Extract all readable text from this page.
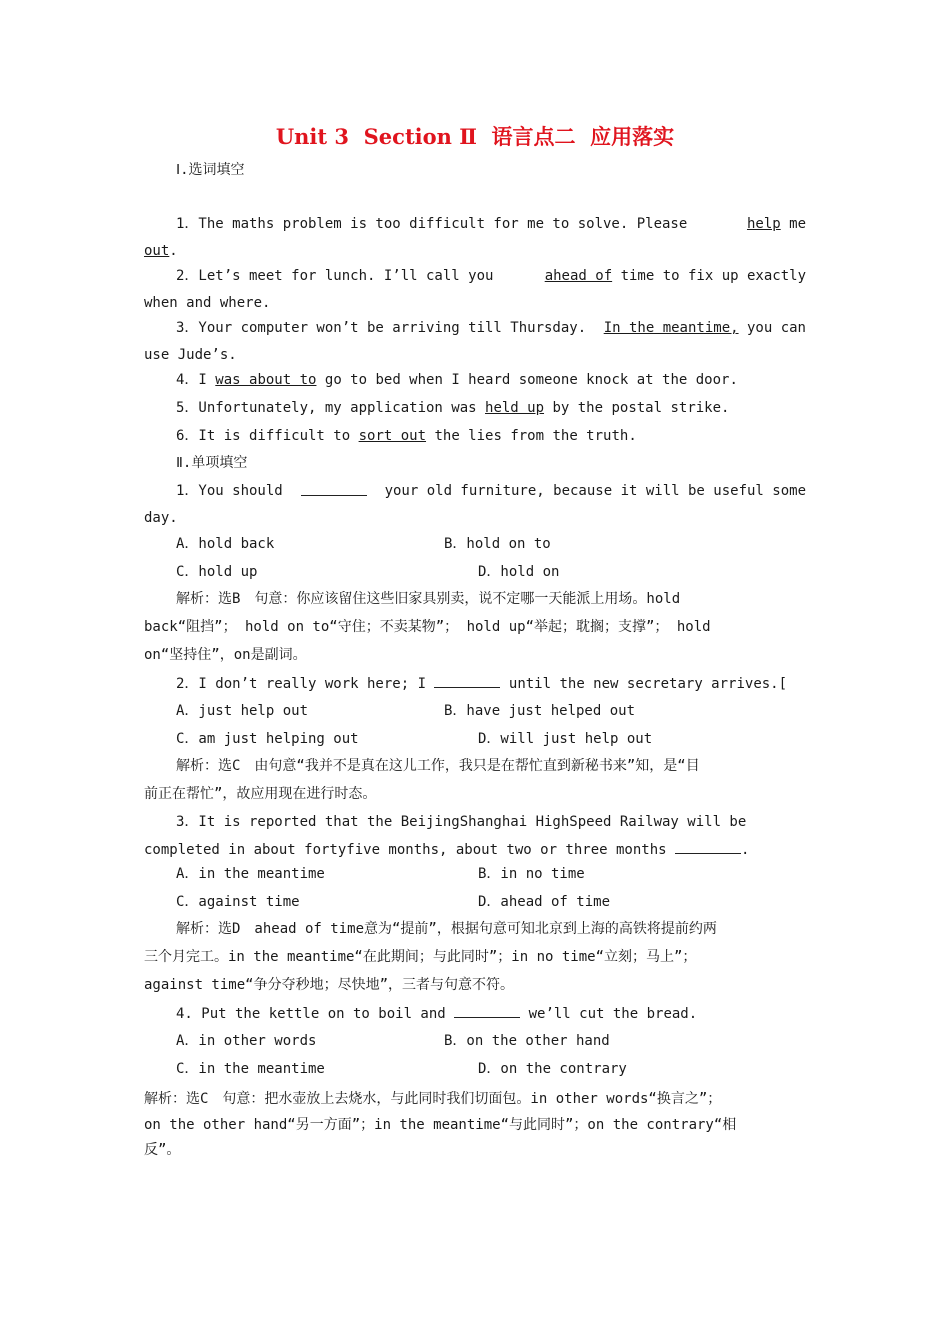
Unit 3  Section Ⅱ  语言点二  应用落实
Ⅰ.选词填空
1．The maths problem is too difficult for me to solve. Please	help me
out.
2．Let’s meet for lunch. I’ll call you	ahead of time to fix up exactly
when and where.
3．Your computer won’t be arriving till Thursday. In the meantime, you can
use Jude’s.
4．I was about to go to bed when I heard someone knock at the door.
5．Unfortunately, my application was held up by the postal strike.
6．It is difficult to sort out the lies from the truth.
Ⅱ.单项填空
1．You should	your old furniture, because it will be useful some
day.
A．hold back	B．hold on to
C．hold up	D．hold on
解析：选B　句意：你应该留住这些旧家具别卖，说不定哪一天能派上用场。hold
back“阻挡”； hold on to“守住；不卖某物”； hold up“举起；耽搁；支撑”； hold
on“坚持住”，on是副词。
2．I don’t really work here; I	until the new secretary arrives.[
A．just help out	B．have just helped out
C．am just helping out	D．will just help out
解析：选C　由句意“我并不是真在这儿工作，我只是在帮忙直到新秘书来”知，是“目
前正在帮忙”，故应用现在进行时态。
3．It is reported that the BeijingShanghai HighSpeed Railway will be
completed in about fortyfive months, about two or three months	.
A．in the meantime	B．in no time
C．against time	D．ahead of time
解析：选D　ahead of time意为“提前”，根据句意可知北京到上海的高铁将提前约两
三个月完工。in the meantime“在此期间；与此同时”；in no time“立刻；马上”；
against time“争分夺秒地；尽快地”，三者与句意不符。
4. Put the kettle on to boil and	we’ll cut the bread.
A．in other words	B．on the other hand
C．in the meantime	D．on the contrary
解析：选C　句意：把水壶放上去烧水，与此同时我们切面包。in other words“换言之”；
on the other hand“另一方面”；in the meantime“与此同时”；on the contrary“相
反”。
